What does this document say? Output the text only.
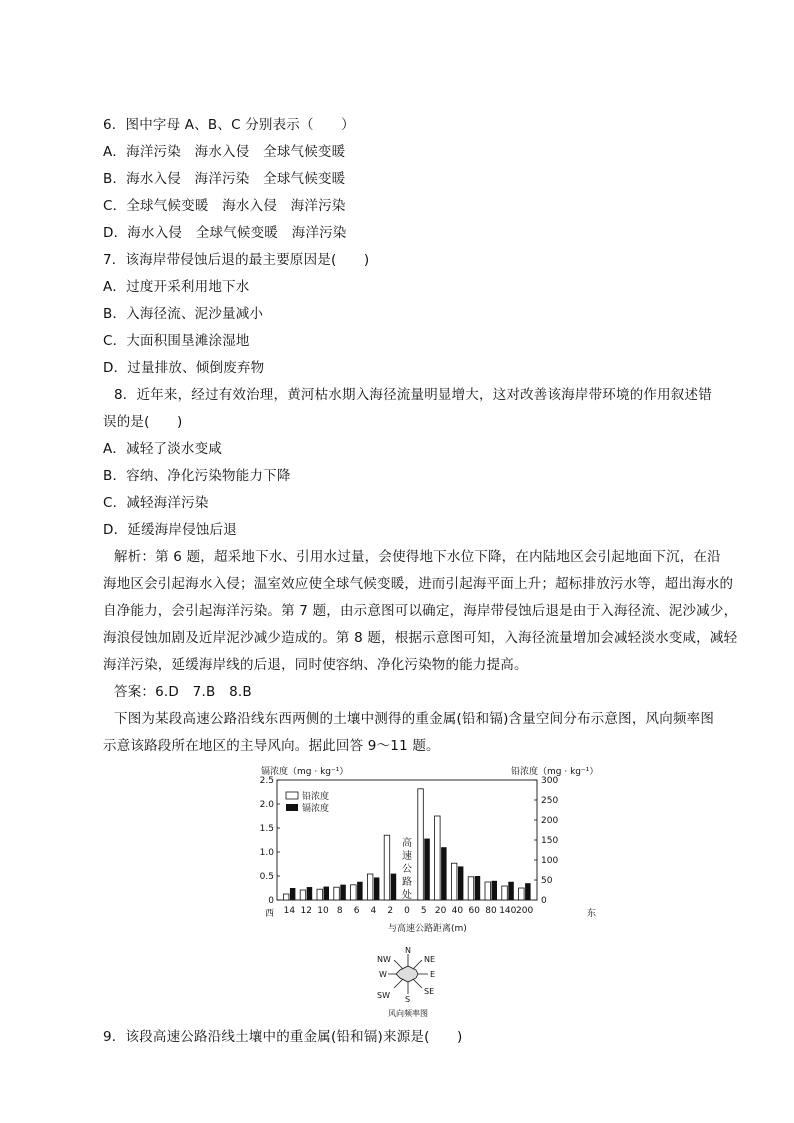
6．图中字母 A、B、C 分别表示（　　）
A．海洋污染　海水入侵　全球气候变暖
B．海水入侵　海洋污染　全球气候变暖
C．全球气候变暖　海水入侵　海洋污染
D．海水入侵　全球气候变暖　海洋污染
7．该海岸带侵蚀后退的最主要原因是(　　)
A．过度开采利用地下水
B．入海径流、泥沙量减小
C．大面积围垦滩涂湿地
D．过量排放、倾倒废弃物
8．近年来，经过有效治理，黄河枯水期入海径流量明显增大，这对改善该海岸带环境的作用叙述错
误的是(　　)
A．减轻了淡水变咸
B．容纳、净化污染物能力下降
C．减轻海洋污染
D．延缓海岸侵蚀后退
解析：第 6 题，超采地下水、引用水过量，会使得地下水位下降，在内陆地区会引起地面下沉，在沿
海地区会引起海水入侵；温室效应使全球气候变暖，进而引起海平面上升；超标排放污水等，超出海水的
自净能力，会引起海洋污染。第 7 题，由示意图可以确定，海岸带侵蚀后退是由于入海径流、泥沙减少，
海浪侵蚀加剧及近岸泥沙减少造成的。第 8 题，根据示意图可知，入海径流量增加会减轻淡水变咸，减轻
海洋污染，延缓海岸线的后退，同时使容纳、净化污染物的能力提高。
答案：6.D　7.B　8.B
下图为某段高速公路沿线东西两侧的土壤中测得的重金属(铅和镉)含量空间分布示意图，风向频率图
示意该路段所在地区的主导风向。据此回答 9～11 题。
镉浓度（mg · kg⁻¹）	铅浓度（mg · kg⁻¹）
0
0.5
1.0
1.5
2.0
2.5
0
50
100
150
200
250
300
14 12 10 8 6 4 2 0 5 20 40 60 80 140 200
铅浓度
镉浓度
高速公路处
西	东
与高速公路距离(m)
N
NE
E
SE
S
SW
W
NW
风向频率图
9．该段高速公路沿线土壤中的重金属(铅和镉)来源是(　　)
